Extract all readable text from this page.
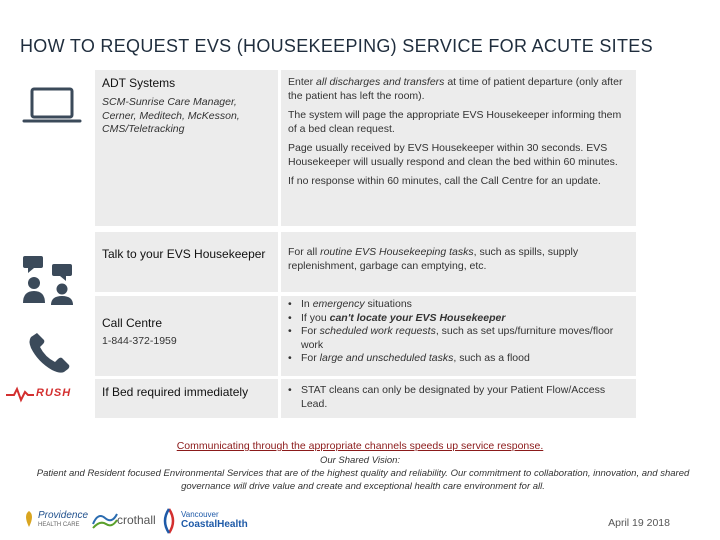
HOW TO REQUEST EVS (HOUSEKEEPING) SERVICE FOR ACUTE SITES
ADT Systems
SCM-Sunrise Care Manager, Cerner, Meditech, McKesson, CMS/Teletracking
Enter all discharges and transfers at time of patient departure (only after the patient has left the room).
The system will page the appropriate EVS Housekeeper informing them of a bed clean request.
Page usually received by EVS Housekeeper within 30 seconds. EVS Housekeeper will usually respond and clean the bed within 60 minutes.
If no response within 60 minutes, call the Call Centre for an update.
Talk to your EVS Housekeeper	For all routine EVS Housekeeping tasks, such as spills, supply replenishment, garbage can emptying, etc.
Call Centre
1-844-372-1959
• In emergency situations
• If you can't locate your EVS Housekeeper
• For scheduled work requests, such as set ups/furniture moves/floor work
• For large and unscheduled tasks, such as a flood
RUSH	If Bed required immediately
•	STAT cleans can only be designated by your Patient Flow/Access Lead.
Communicating through the appropriate channels speeds up service response.
Our Shared Vision:
Patient and Resident focused Environmental Services that are of the highest quality and reliability. Our commitment to collaboration, innovation, and shared governance will drive value and create and exceptional health care environment for all.
Providence
HEALTH CARE	crothall	Vancouver
CoastalHealth	April 19 2018
